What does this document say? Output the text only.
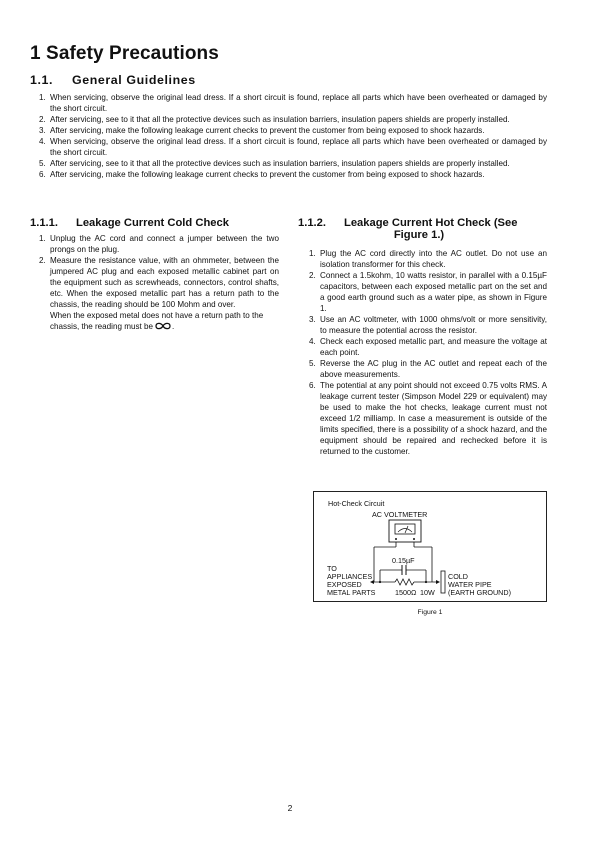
1 Safety Precautions
1.1. General Guidelines
1. When servicing, observe the original lead dress. If a short circuit is found, replace all parts which have been overheated or damaged by the short circuit.
2. After servicing, see to it that all the protective devices such as insulation barriers, insulation papers shields are properly installed.
3. After servicing, make the following leakage current checks to prevent the customer from being exposed to shock hazards.
4. When servicing, observe the original lead dress. If a short circuit is found, replace all parts which have been overheated or damaged by the short circuit.
5. After servicing, see to it that all the protective devices such as insulation barriers, insulation papers shields are properly installed.
6. After servicing, make the following leakage current checks to prevent the customer from being exposed to shock hazards.
1.1.1. Leakage Current Cold Check
1. Unplug the AC cord and connect a jumper between the two prongs on the plug.
2. Measure the resistance value, with an ohmmeter, between the jumpered AC plug and each exposed metallic cabinet part on the equipment such as screwheads, connectors, control shafts, etc. When the exposed metallic part has a return path to the chassis, the reading should be 100 Mohm and over.
When the exposed metal does not have a return path to the chassis, the reading must be .
1.1.2.	Leakage Current Hot Check (See
Figure 1.)
1. Plug the AC cord directly into the AC outlet. Do not use an isolation transformer for this check.
2. Connect a 1.5kohm, 10 watts resistor, in parallel with a 0.15µF capacitors, between each exposed metallic part on the set and a good earth ground such as a water pipe, as shown in Figure 1.
3. Use an AC voltmeter, with 1000 ohms/volt or more sensitivity, to measure the potential across the resistor.
4. Check each exposed metallic part, and measure the voltage at each point.
5. Reverse the AC plug in the AC outlet and repeat each of the above measurements.
6. The potential at any point should not exceed 0.75 volts RMS. A leakage current tester (Simpson Model 229 or equivalent) may be used to make the hot checks, leakage current must not exceed 1/2 milliamp. In case a measurement is outside of the limits specified, there is a possibility of a shock hazard, and the equipment should be repaired and rechecked before it is returned to the customer.
Hot-Check Circuit
AC VOLTMETER
0.15µF
TO
APPLIANCES
EXPOSED
METAL PARTS	1500Ω 10W
COLD
WATER PIPE
(EARTH GROUND)
Figure 1
2
